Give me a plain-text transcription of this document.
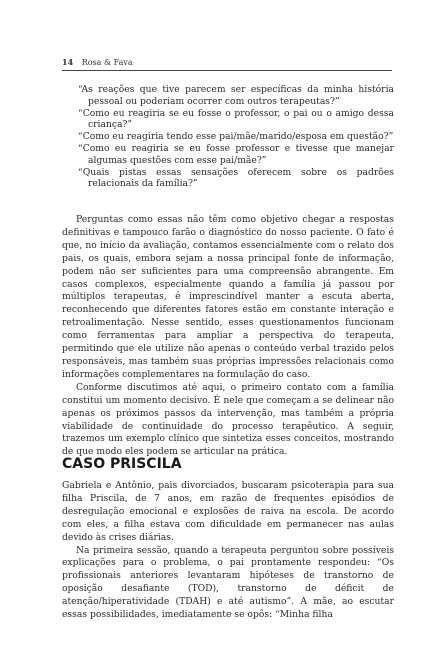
14 Rosa & Fava

“As reações que tive parecem ser específicas da minha história pessoal ou poderiam ocorrer com outros terapeutas?”

“Como eu reagiria se eu fosse o professor, o pai ou o amigo dessa criança?”

“Como eu reagiria tendo esse pai/mãe/marido/esposa em questão?”

“Como eu reagiria se eu fosse professor e tivesse que manejar algumas questões com esse pai/mãe?”

“Quais pistas essas sensações oferecem sobre os padrões relacionais da família?”

Perguntas como essas não têm como objetivo chegar a respostas definitivas e tampouco farão o diagnóstico do nosso paciente. O fato é que, no início da avaliação, contamos essencialmente com o relato dos pais, os quais, embora sejam a nossa principal fonte de informação, podem não ser suficientes para uma compreensão abrangente. Em casos complexos, especialmente quando a família já passou por múltiplos terapeutas, é imprescindível manter a escuta aberta, reconhecendo que diferentes fatores estão em constante interação e retroalimentação. Nesse sentido, esses questionamentos funcionam como ferramentas para ampliar a perspectiva do terapeuta, permitindo que ele utilize não apenas o conteúdo verbal trazido pelos responsáveis, mas também suas próprias impressões relacionais como informações complementares na formulação do caso.

Conforme discutimos até aqui, o primeiro contato com a família constitui um momento decisivo. É nele que começam a se delinear não apenas os próximos passos da intervenção, mas também a própria viabilidade de continuidade do processo terapêutico. A seguir, trazemos um exemplo clínico que sintetiza esses conceitos, mostrando de que modo eles podem se articular na prática.

CASO PRISCILA

Gabriela e Antônio, pais divorciados, buscaram psicoterapia para sua filha Priscila, de 7 anos, em razão de frequentes episódios de desregulação emocional e explosões de raiva na escola. De acordo com eles, a filha estava com dificuldade em permanecer nas aulas devido às crises diárias.

Na primeira sessão, quando a terapeuta perguntou sobre possíveis explicações para o problema, o pai prontamente respondeu: “Os profissionais anteriores levantaram hipóteses de transtorno de oposição desafiante (TOD), transtorno de déficit de atenção/hiperatividade (TDAH) e até autismo”. A mãe, ao escutar essas possibilidades, imediatamente se opôs: “Minha filha
